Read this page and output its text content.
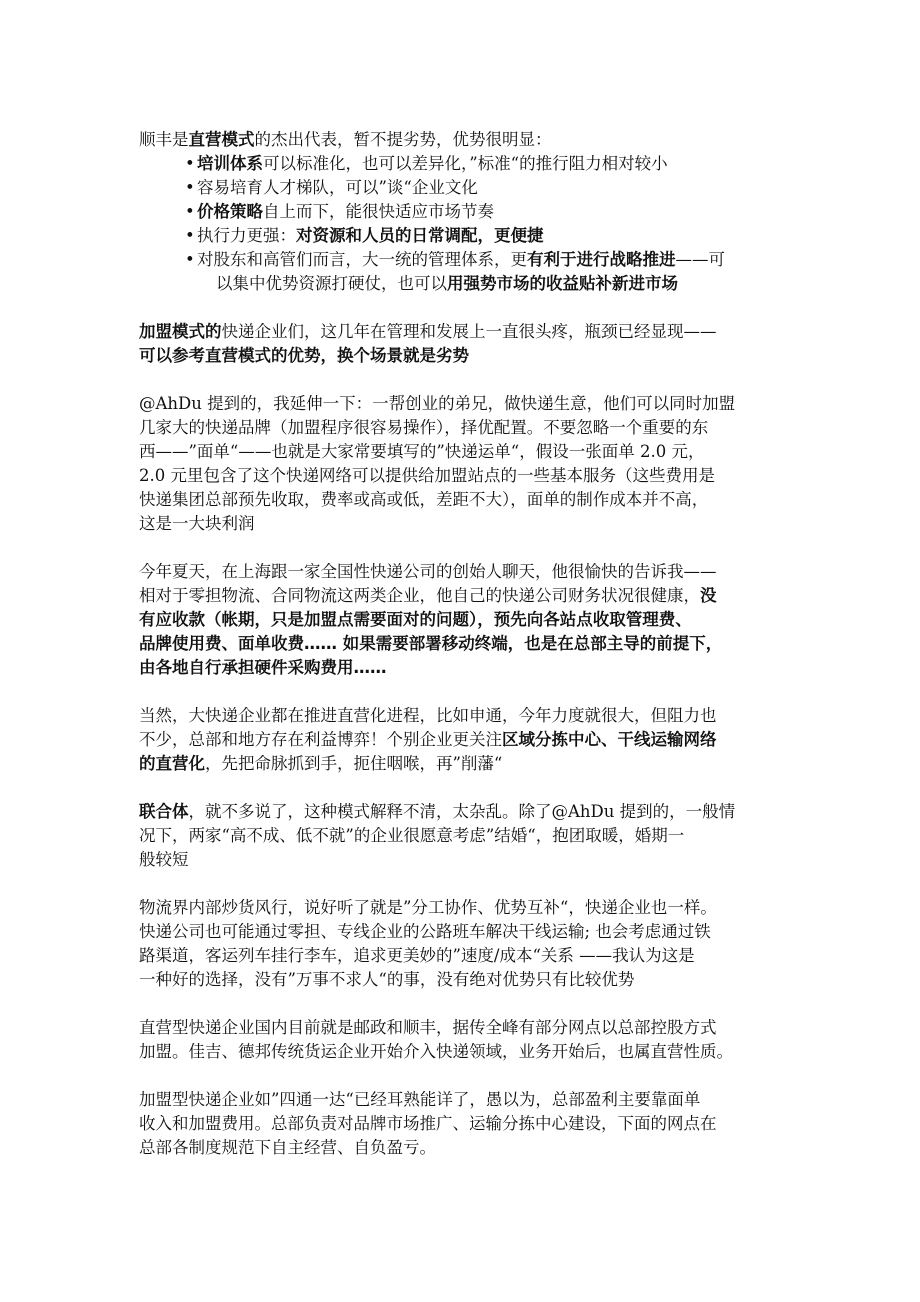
顺丰是直营模式的杰出代表，暂不提劣势，优势很明显：

• 培训体系可以标准化，也可以差异化，”标准“的推行阻力相对较小
• 容易培育人才梯队，可以”谈“企业文化
• 价格策略自上而下，能很快适应市场节奏
• 执行力更强：对资源和人员的日常调配，更便捷
• 对股东和高管们而言，大一统的管理体系，更有利于进行战略推进——可
以集中优势资源打硬仗，也可以用强势市场的收益贴补新进市场

加盟模式的快递企业们，这几年在管理和发展上一直很头疼，瓶颈已经显现——
可以参考直营模式的优势，换个场景就是劣势

@AhDu 提到的，我延伸一下：一帮创业的弟兄，做快递生意，他们可以同时加盟
几家大的快递品牌（加盟程序很容易操作），择优配置。不要忽略一个重要的东
西——”面单“——也就是大家常要填写的”快递运单“，假设一张面单 2.0 元，
2.0 元里包含了这个快递网络可以提供给加盟站点的一些基本服务（这些费用是
快递集团总部预先收取，费率或高或低，差距不大），面单的制作成本并不高，
这是一大块利润

今年夏天，在上海跟一家全国性快递公司的创始人聊天，他很愉快的告诉我——
相对于零担物流、合同物流这两类企业，他自己的快递公司财务状况很健康，没
有应收款（帐期，只是加盟点需要面对的问题），预先向各站点收取管理费、
品牌使用费、面单收费…… 如果需要部署移动终端，也是在总部主导的前提下，
由各地自行承担硬件采购费用……

当然，大快递企业都在推进直营化进程，比如申通，今年力度就很大，但阻力也
不少，总部和地方存在利益博弈！个别企业更关注区域分拣中心、干线运输网络
的直营化，先把命脉抓到手，扼住咽喉，再”削藩“

联合体，就不多说了，这种模式解释不清，太杂乱。除了@AhDu 提到的，一般情
况下，两家“高不成、低不就”的企业很愿意考虑”结婚“，抱团取暖，婚期一
般较短

物流界内部炒货风行，说好听了就是”分工协作、优势互补“，快递企业也一样。
快递公司也可能通过零担、专线企业的公路班车解决干线运输; 也会考虑通过铁
路渠道，客运列车挂行李车，追求更美妙的”速度/成本“关系 ——我认为这是
一种好的选择，没有”万事不求人“的事，没有绝对优势只有比较优势

直营型快递企业国内目前就是邮政和顺丰，据传全峰有部分网点以总部控股方式
加盟。佳吉、德邦传统货运企业开始介入快递领域，业务开始后，也属直营性质。

加盟型快递企业如”四通一达“已经耳熟能详了，愚以为，总部盈利主要靠面单
收入和加盟费用。总部负责对品牌市场推广、运输分拣中心建设，下面的网点在
总部各制度规范下自主经营、自负盈亏。
